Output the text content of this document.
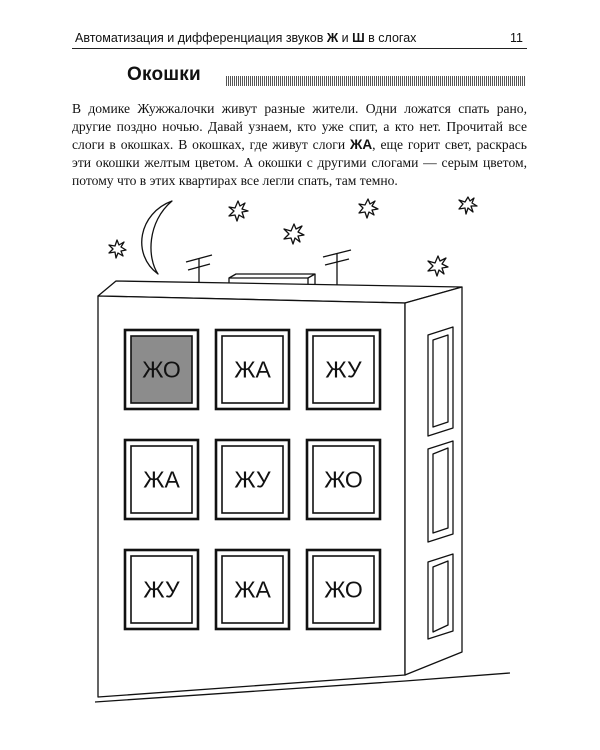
Автоматизация и дифференциация звуков Ж и Ш в слогах	11
Окошки

В домике Жужжалочки живут разные жители. Одни ложатся спать рано, другие поздно ночью. Давай узнаем, кто уже спит, а кто нет. Прочитай все слоги в окошках. В окошках, где живут слоги ЖА, еще горит свет, раскрась эти окошки желтым цветом. А окошки с другими слогами — серым цветом, потому что в этих квартирах все легли спать, там темно.

ЖО ЖА ЖУ
ЖА ЖУ ЖО
ЖУ ЖА ЖО
